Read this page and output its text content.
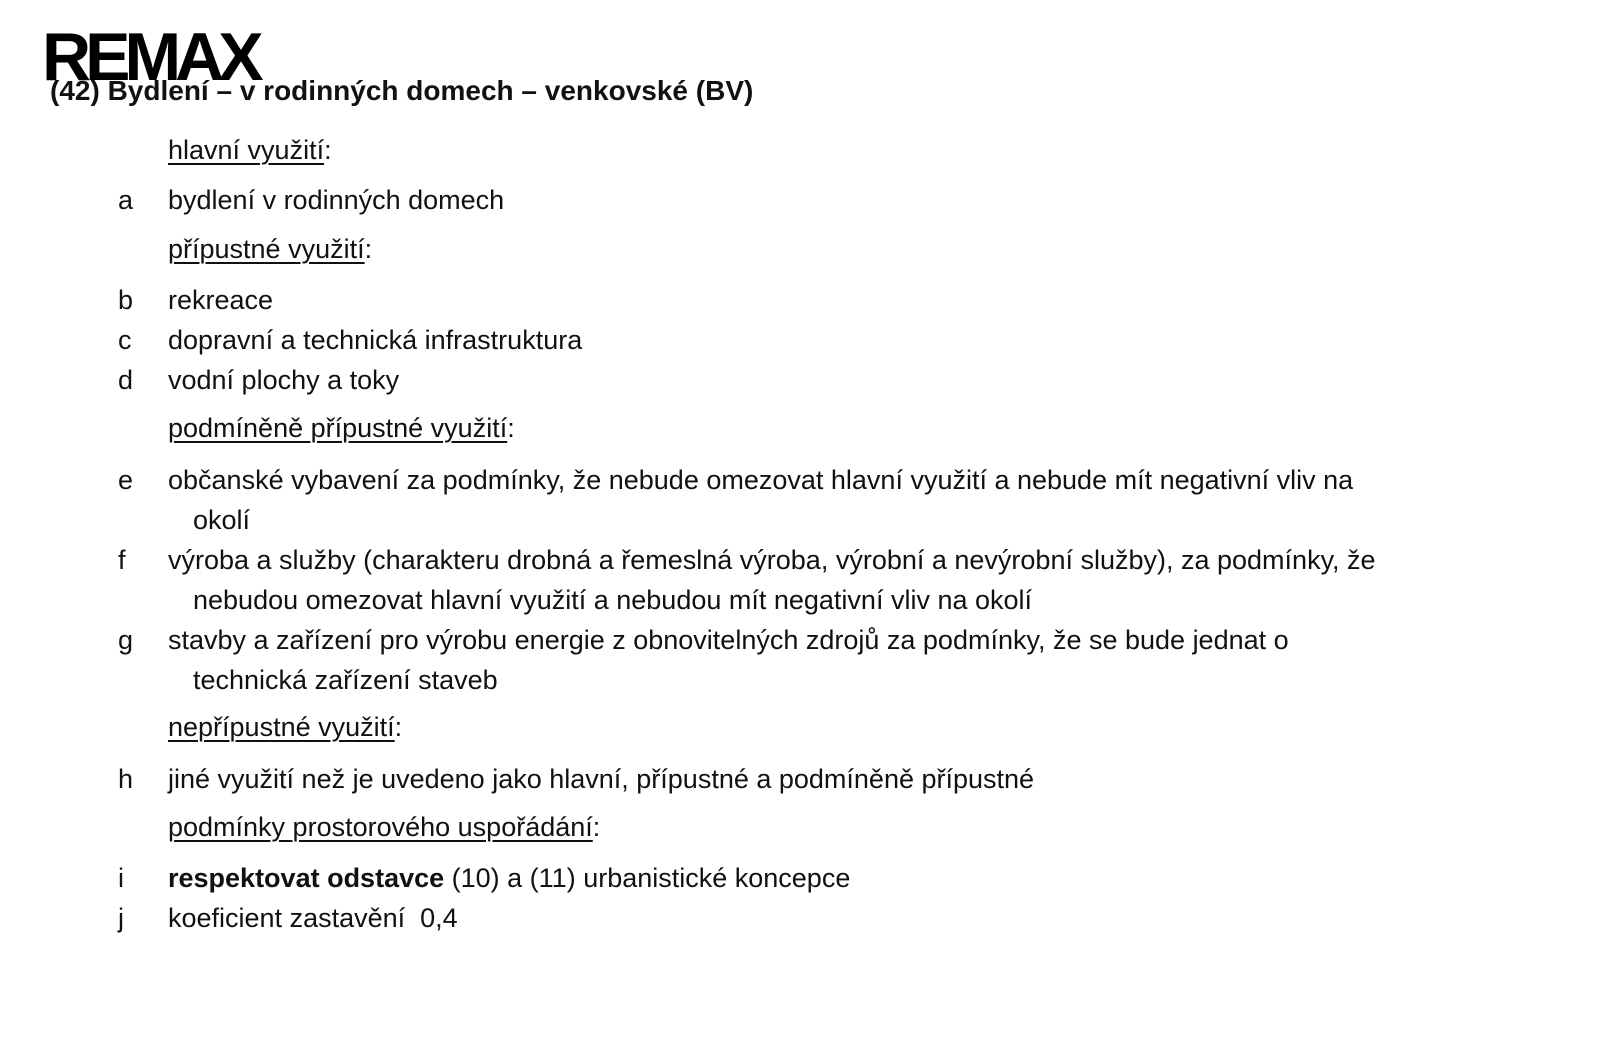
REMAX
(42) Bydlení – v rodinných domech – venkovské (BV)
hlavní využití:
a	bydlení v rodinných domech
přípustné využití:
b	rekreace
c	dopravní a technická infrastruktura
d	vodní plochy a toky
podmíněně přípustné využití:
e	občanské vybavení za podmínky, že nebude omezovat hlavní využití a nebude mít negativní vliv na
okolí
f	výroba a služby (charakteru drobná a řemeslná výroba, výrobní a nevýrobní služby), za podmínky, že
nebudou omezovat hlavní využití a nebudou mít negativní vliv na okolí
g	stavby a zařízení pro výrobu energie z obnovitelných zdrojů za podmínky, že se bude jednat o
technická zařízení staveb
nepřípustné využití:
h	jiné využití než je uvedeno jako hlavní, přípustné a podmíněně přípustné
podmínky prostorového uspořádání:
i	respektovat odstavce (10) a (11) urbanistické koncepce
j	koeficient zastavění  0,4
